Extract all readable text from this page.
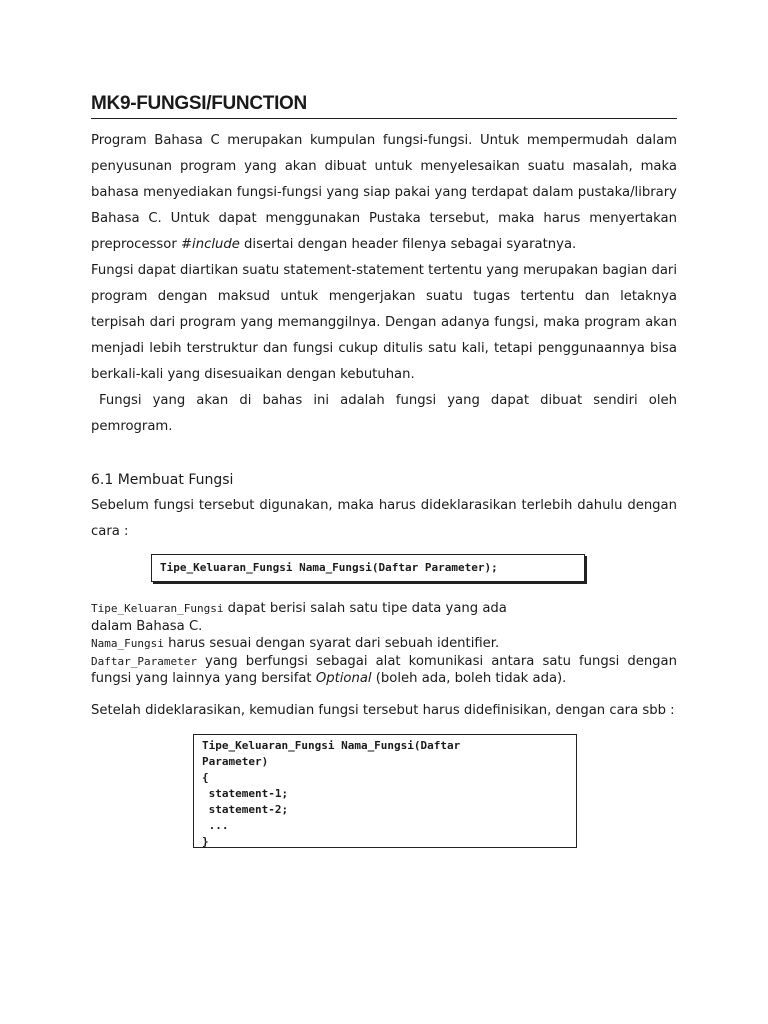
MK9-FUNGSI/FUNCTION

Program Bahasa C merupakan kumpulan fungsi-fungsi. Untuk mempermudah dalam penyusunan program yang akan dibuat untuk menyelesaikan suatu masalah, maka bahasa menyediakan fungsi-fungsi yang siap pakai yang terdapat dalam pustaka/library Bahasa C. Untuk dapat menggunakan Pustaka tersebut, maka harus menyertakan preprocessor #include disertai dengan header filenya sebagai syaratnya.

Fungsi dapat diartikan suatu statement-statement tertentu yang merupakan bagian dari program dengan maksud untuk mengerjakan suatu tugas tertentu dan letaknya terpisah dari program yang memanggilnya. Dengan adanya fungsi, maka program akan menjadi lebih terstruktur dan fungsi cukup ditulis satu kali, tetapi penggunaannya bisa berkali-kali yang disesuaikan dengan kebutuhan.

Fungsi yang akan di bahas ini adalah fungsi yang dapat dibuat sendiri oleh pemrogram.

6.1 Membuat Fungsi

Sebelum fungsi tersebut digunakan, maka harus dideklarasikan terlebih dahulu dengan cara :

Tipe_Keluaran_Fungsi Nama_Fungsi(Daftar Parameter);
Tipe_Keluaran_Fungsi dapat berisi salah satu tipe data yang ada
dalam Bahasa C.
Nama_Fungsi harus sesuai dengan syarat dari sebuah identifier.
Daftar_Parameter yang berfungsi sebagai alat komunikasi antara satu fungsi dengan fungsi yang lainnya yang bersifat Optional (boleh ada, boleh tidak ada).

Setelah dideklarasikan, kemudian fungsi tersebut harus didefinisikan, dengan cara sbb :

Tipe_Keluaran_Fungsi Nama_Fungsi(Daftar
Parameter)
{
statement-1;
statement-2;
...
}
